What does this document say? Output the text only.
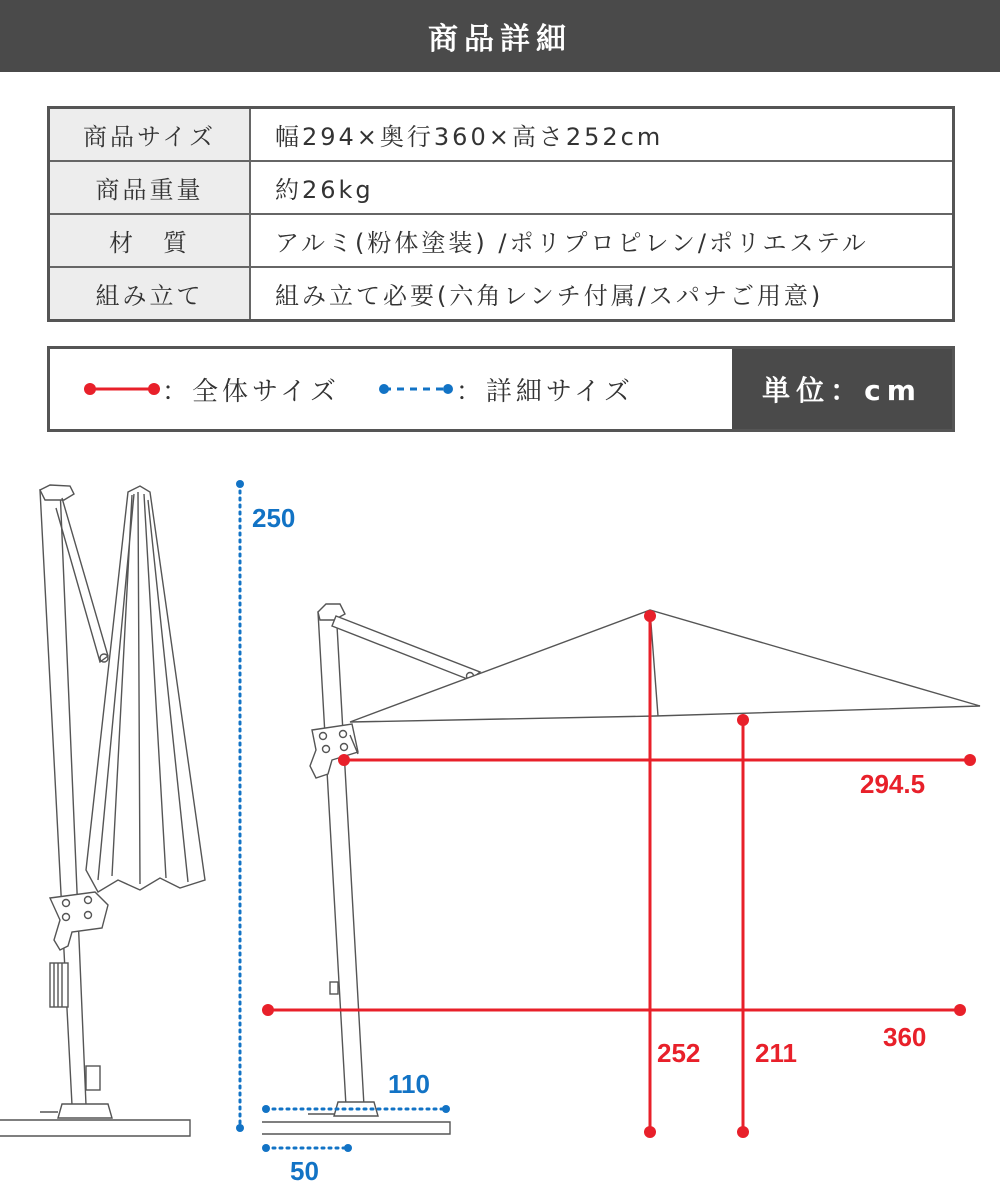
商品詳細
商品サイズ	幅294×奥行360×高さ252cm
商品重量	約26kg
材　質	アルミ(粉体塗装) /ポリプロピレン/ポリエステル
組み立て	組み立て必要(六角レンチ付属/スパナご用意)
：全体サイズ	：詳細サイズ	単位：cm
250
294.5
252 211
360
110
50
